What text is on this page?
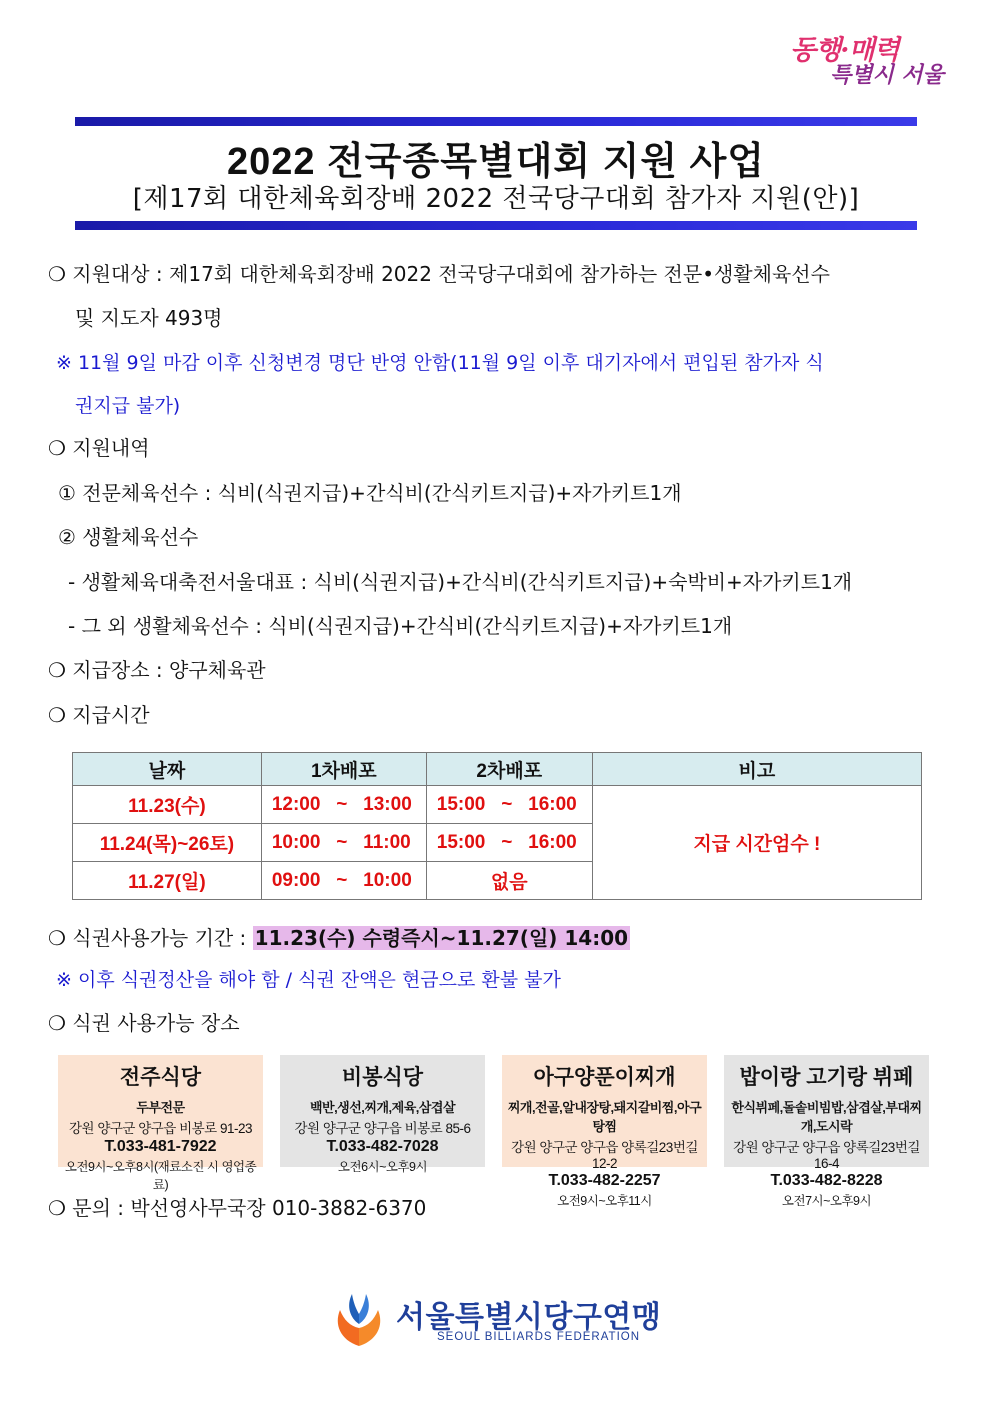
동행·매력
특별시 서울
2022 전국종목별대회 지원 사업
[제17회 대한체육회장배 2022 전국당구대회 참가자 지원(안)]
❍ 지원대상 : 제17회 대한체육회장배 2022 전국당구대회에 참가하는 전문•생활체육선수
및 지도자 493명
※ 11월 9일 마감 이후 신청변경 명단 반영 안함(11월 9일 이후 대기자에서 편입된 참가자 식
권지급 불가)
❍ 지원내역
① 전문체육선수 : 식비(식권지급)+간식비(간식키트지급)+자가키트1개
② 생활체육선수
- 생활체육대축전서울대표 : 식비(식권지급)+간식비(간식키트지급)+숙박비+자가키트1개
- 그 외 생활체육선수 : 식비(식권지급)+간식비(간식키트지급)+자가키트1개
❍ 지급장소 : 양구체육관
❍ 지급시간
날짜	1차배포	2차배포	비고
11.23(수)	12:00   ~   13:00	15:00   ~   16:00	지급 시간엄수 !
11.24(목)~26토)	10:00   ~   11:00	15:00   ~   16:00	
11.27(일)	09:00   ~   10:00	없음	
❍ 식권사용가능 기간 : 11.23(수) 수령즉시~11.27(일) 14:00
※ 이후 식권정산을 해야 함 / 식권 잔액은 현금으로 환불 불가
❍ 식권 사용가능 장소
전주식당
두부전문
강원 양구군 양구읍 비봉로 91-23
T.033-481-7922
오전9시~오후8시(재료소진 시 영업종료)
비봉식당
백반,생선,찌개,제육,삼겹살
강원 양구군 양구읍 비봉로 85-6
T.033-482-7028
오전6시~오후9시
아구양푼이찌개
찌개,전골,알내장탕,돼지갈비찜,아구탕찜
강원 양구군 양구읍 양록길23번길 12-2
T.033-482-2257
오전9시~오후11시
밥이랑 고기랑 뷔페
한식뷔페,돌솥비빔밥,삼겹살,부대찌개,도시락
강원 양구군 양구읍 양록길23번길 16-4
T.033-482-8228
오전7시~오후9시
❍ 문의 : 박선영사무국장 010-3882-6370
서울특별시당구연맹
SEOUL BILLIARDS FEDERATION
